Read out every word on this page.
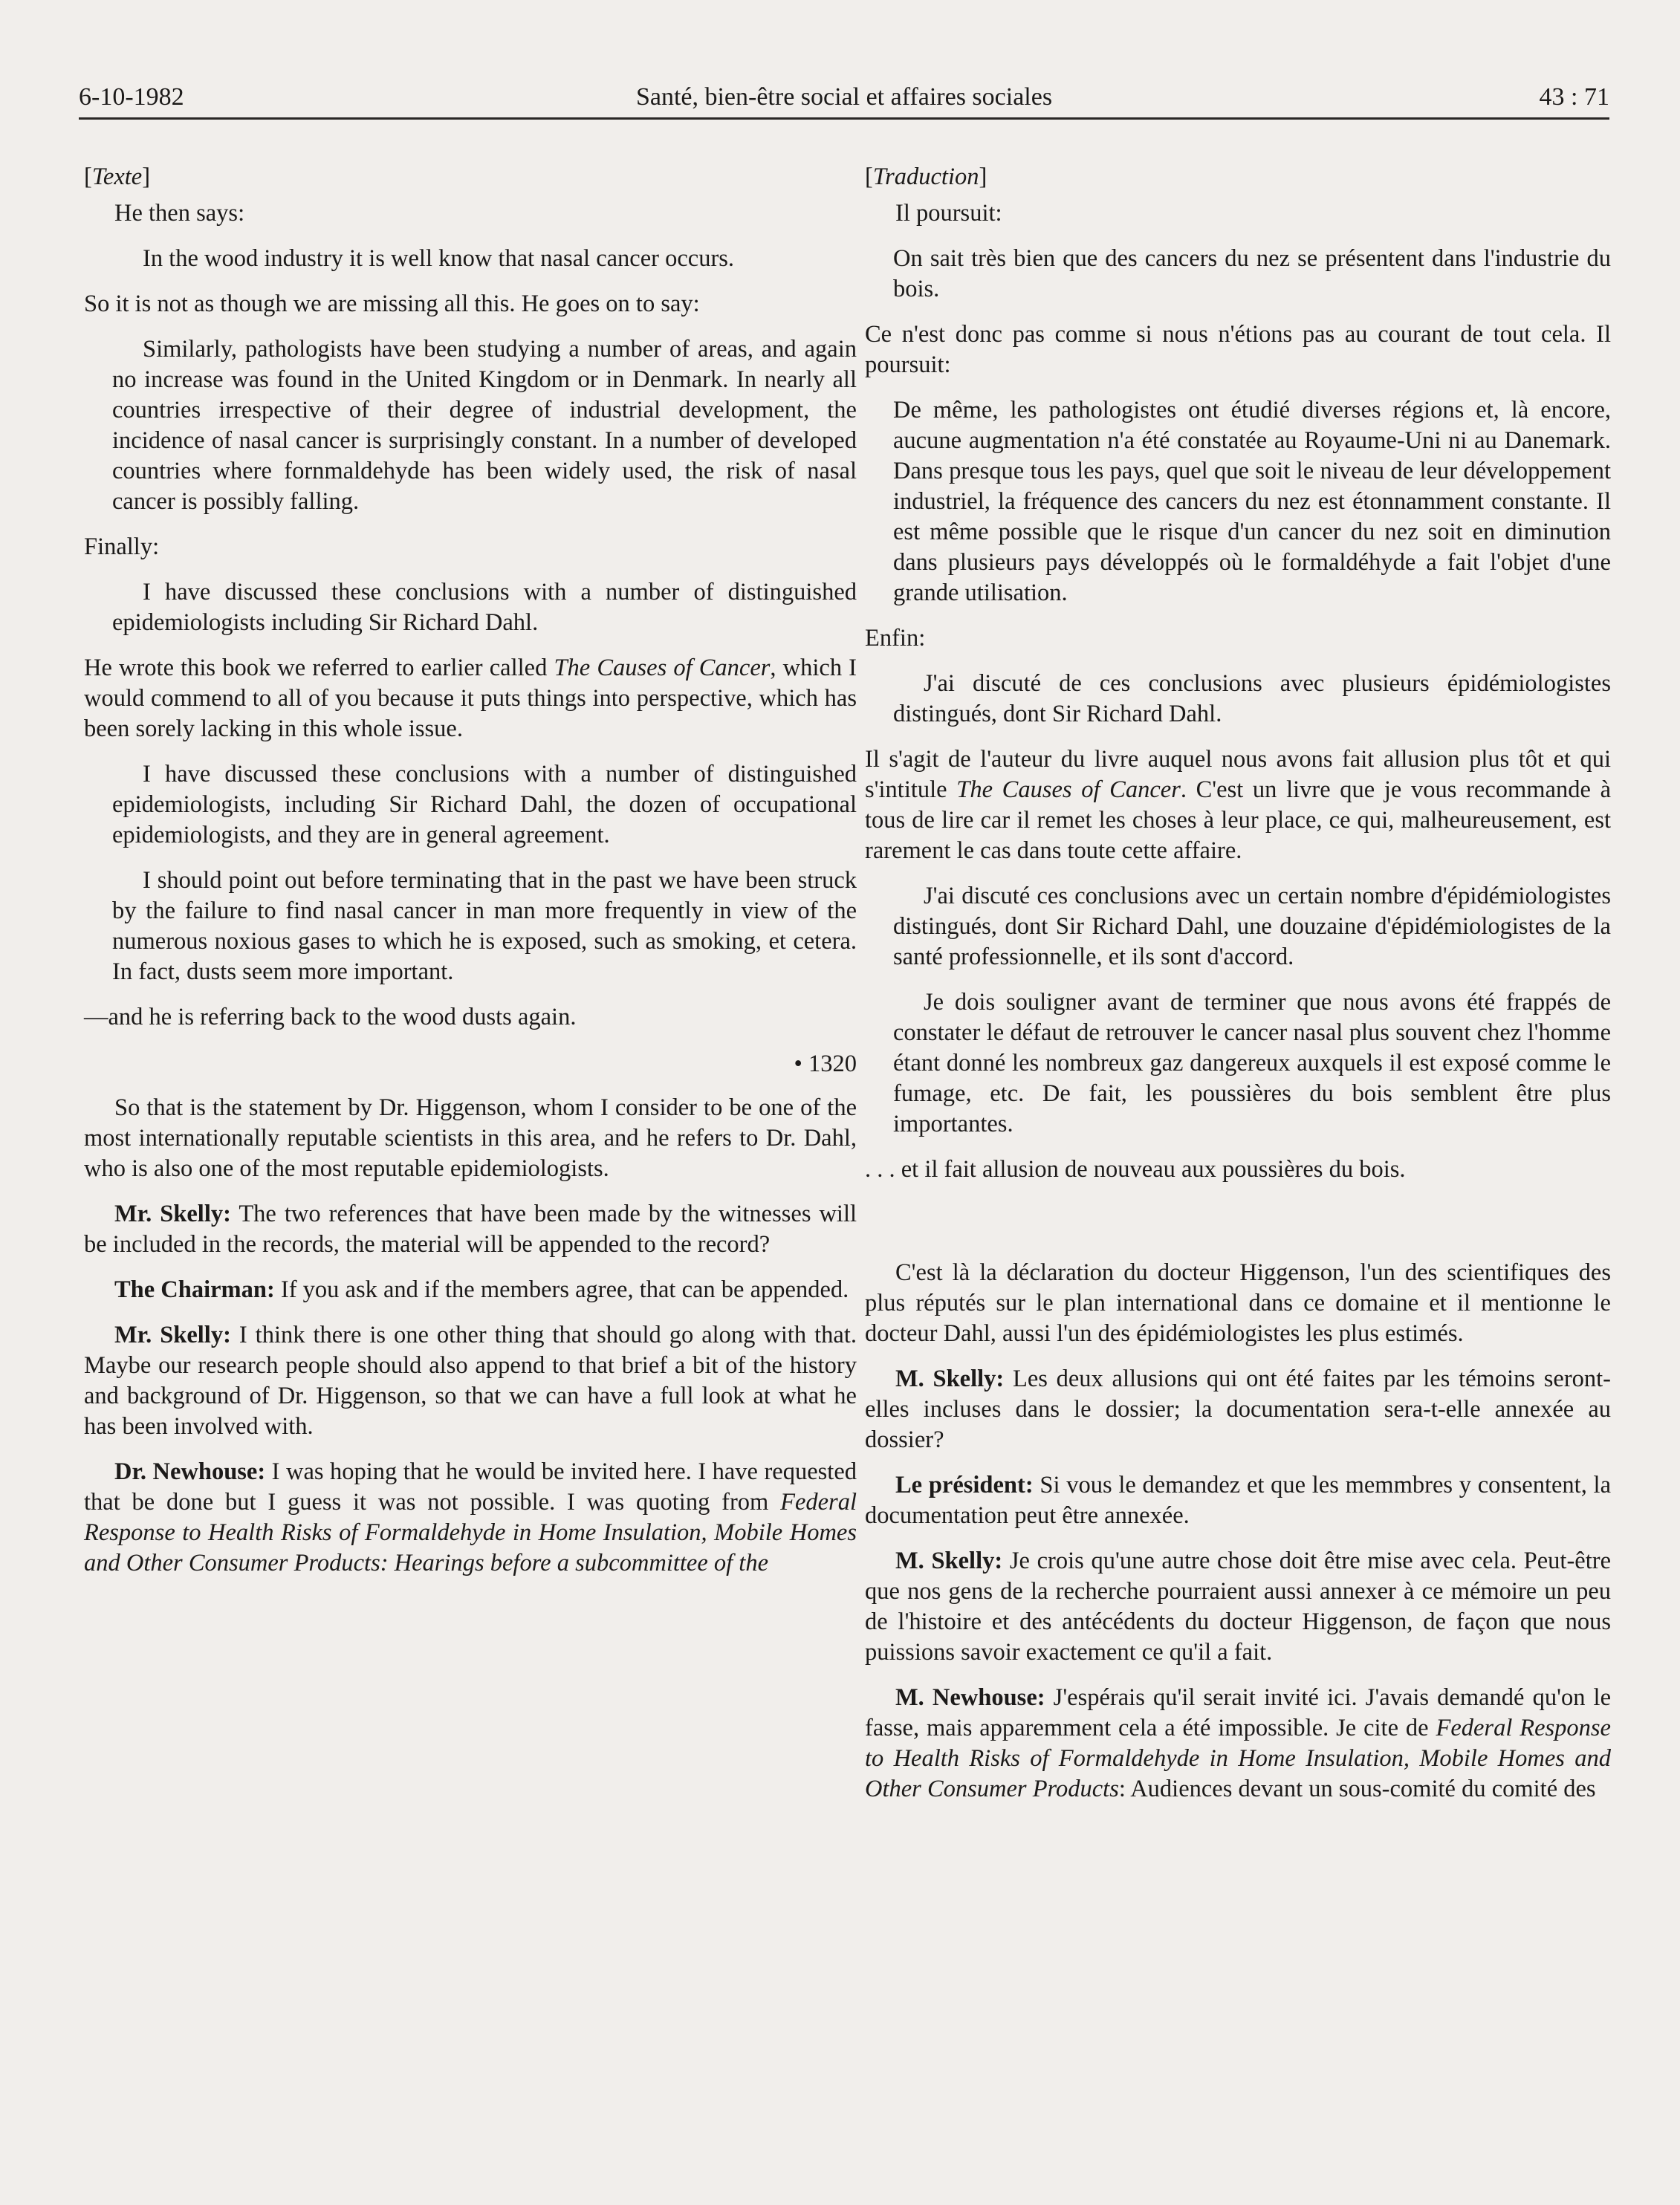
6-10-1982	Santé, bien-être social et affaires sociales	43 : 71

[Texte]

He then says:

In the wood industry it is well know that nasal cancer occurs.

So it is not as though we are missing all this. He goes on to say:

Similarly, pathologists have been studying a number of areas, and again no increase was found in the United Kingdom or in Denmark. In nearly all countries irrespective of their degree of industrial development, the incidence of nasal cancer is surprisingly constant. In a number of developed countries where fornmaldehyde has been widely used, the risk of nasal cancer is possibly falling.

Finally:

I have discussed these conclusions with a number of distinguished epidemiologists including Sir Richard Dahl.

He wrote this book we referred to earlier called The Causes of Cancer, which I would commend to all of you because it puts things into perspective, which has been sorely lacking in this whole issue.

I have discussed these conclusions with a number of distinguished epidemiologists, including Sir Richard Dahl, the dozen of occupational epidemiologists, and they are in general agreement.

I should point out before terminating that in the past we have been struck by the failure to find nasal cancer in man more frequently in view of the numerous noxious gases to which he is exposed, such as smoking, et cetera. In fact, dusts seem more important.

—and he is referring back to the wood dusts again.

• 1320

So that is the statement by Dr. Higgenson, whom I consider to be one of the most internationally reputable scientists in this area, and he refers to Dr. Dahl, who is also one of the most reputable epidemiologists.

Mr. Skelly: The two references that have been made by the witnesses will be included in the records, the material will be appended to the record?

The Chairman: If you ask and if the members agree, that can be appended.

Mr. Skelly: I think there is one other thing that should go along with that. Maybe our research people should also append to that brief a bit of the history and background of Dr. Higgenson, so that we can have a full look at what he has been involved with.

Dr. Newhouse: I was hoping that he would be invited here. I have requested that be done but I guess it was not possible. I was quoting from Federal Response to Health Risks of Formaldehyde in Home Insulation, Mobile Homes and Other Consumer Products: Hearings before a subcommittee of the

[Traduction]

Il poursuit:

On sait très bien que des cancers du nez se présentent dans l'industrie du bois.

Ce n'est donc pas comme si nous n'étions pas au courant de tout cela. Il poursuit:

De même, les pathologistes ont étudié diverses régions et, là encore, aucune augmentation n'a été constatée au Royaume-Uni ni au Danemark. Dans presque tous les pays, quel que soit le niveau de leur développement industriel, la fréquence des cancers du nez est étonnamment constante. Il est même possible que le risque d'un cancer du nez soit en diminution dans plusieurs pays développés où le formaldéhyde a fait l'objet d'une grande utilisation.

Enfin:

J'ai discuté de ces conclusions avec plusieurs épidémiologistes distingués, dont Sir Richard Dahl.

Il s'agit de l'auteur du livre auquel nous avons fait allusion plus tôt et qui s'intitule The Causes of Cancer. C'est un livre que je vous recommande à tous de lire car il remet les choses à leur place, ce qui, malheureusement, est rarement le cas dans toute cette affaire.

J'ai discuté ces conclusions avec un certain nombre d'épidémiologistes distingués, dont Sir Richard Dahl, une douzaine d'épidémiologistes de la santé professionnelle, et ils sont d'accord.

Je dois souligner avant de terminer que nous avons été frappés de constater le défaut de retrouver le cancer nasal plus souvent chez l'homme étant donné les nombreux gaz dangereux auxquels il est exposé comme le fumage, etc. De fait, les poussières du bois semblent être plus importantes.

. . . et il fait allusion de nouveau aux poussières du bois.

C'est là la déclaration du docteur Higgenson, l'un des scientifiques des plus réputés sur le plan international dans ce domaine et il mentionne le docteur Dahl, aussi l'un des épidémiologistes les plus estimés.

M. Skelly: Les deux allusions qui ont été faites par les témoins seront-elles incluses dans le dossier; la documentation sera-t-elle annexée au dossier?

Le président: Si vous le demandez et que les memmbres y consentent, la documentation peut être annexée.

M. Skelly: Je crois qu'une autre chose doit être mise avec cela. Peut-être que nos gens de la recherche pourraient aussi annexer à ce mémoire un peu de l'histoire et des antécédents du docteur Higgenson, de façon que nous puissions savoir exactement ce qu'il a fait.

M. Newhouse: J'espérais qu'il serait invité ici. J'avais demandé qu'on le fasse, mais apparemment cela a été impossible. Je cite de Federal Response to Health Risks of Formaldehyde in Home Insulation, Mobile Homes and Other Consumer Products: Audiences devant un sous-comité du comité des
